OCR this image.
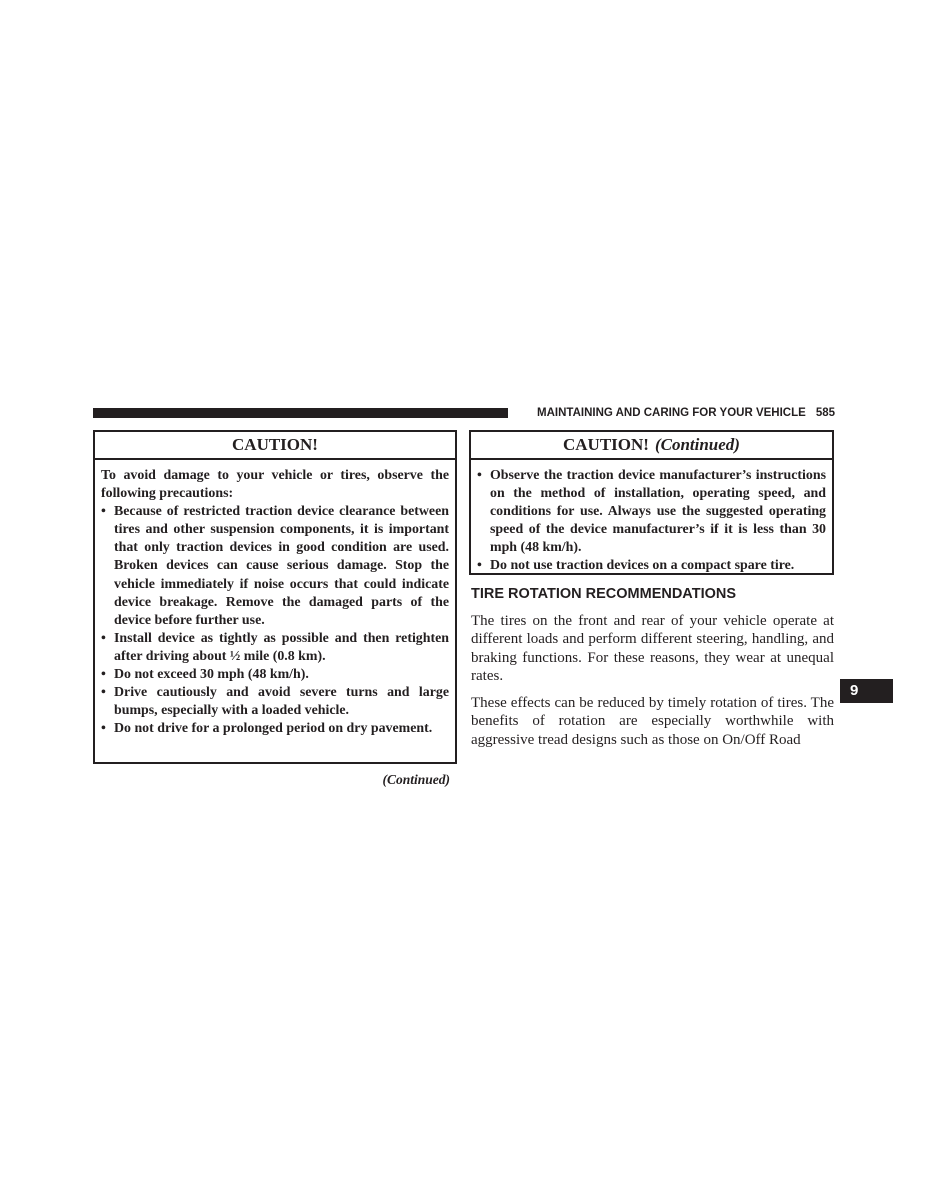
MAINTAINING AND CARING FOR YOUR VEHICLE 585
CAUTION!

To avoid damage to your vehicle or tires, observe the following precautions:

• Because of restricted traction device clearance between tires and other suspension components, it is important that only traction devices in good condition are used. Broken devices can cause serious damage. Stop the vehicle immediately if noise occurs that could indicate device breakage. Remove the damaged parts of the device before further use.
• Install device as tightly as possible and then retighten after driving about ½ mile (0.8 km).
• Do not exceed 30 mph (48 km/h).
• Drive cautiously and avoid severe turns and large bumps, especially with a loaded vehicle.
• Do not drive for a prolonged period on dry pavement.
(Continued)
CAUTION! (Continued)
• Observe the traction device manufacturer’s instructions on the method of installation, operating speed, and conditions for use. Always use the suggested operating speed of the device manufacturer’s if it is less than 30 mph (48 km/h).
• Do not use traction devices on a compact spare tire.
TIRE ROTATION RECOMMENDATIONS

The tires on the front and rear of your vehicle operate at different loads and perform different steering, handling, and braking functions. For these reasons, they wear at unequal rates.

These effects can be reduced by timely rotation of tires. The benefits of rotation are especially worthwhile with aggressive tread designs such as those on On/Off Road

9
